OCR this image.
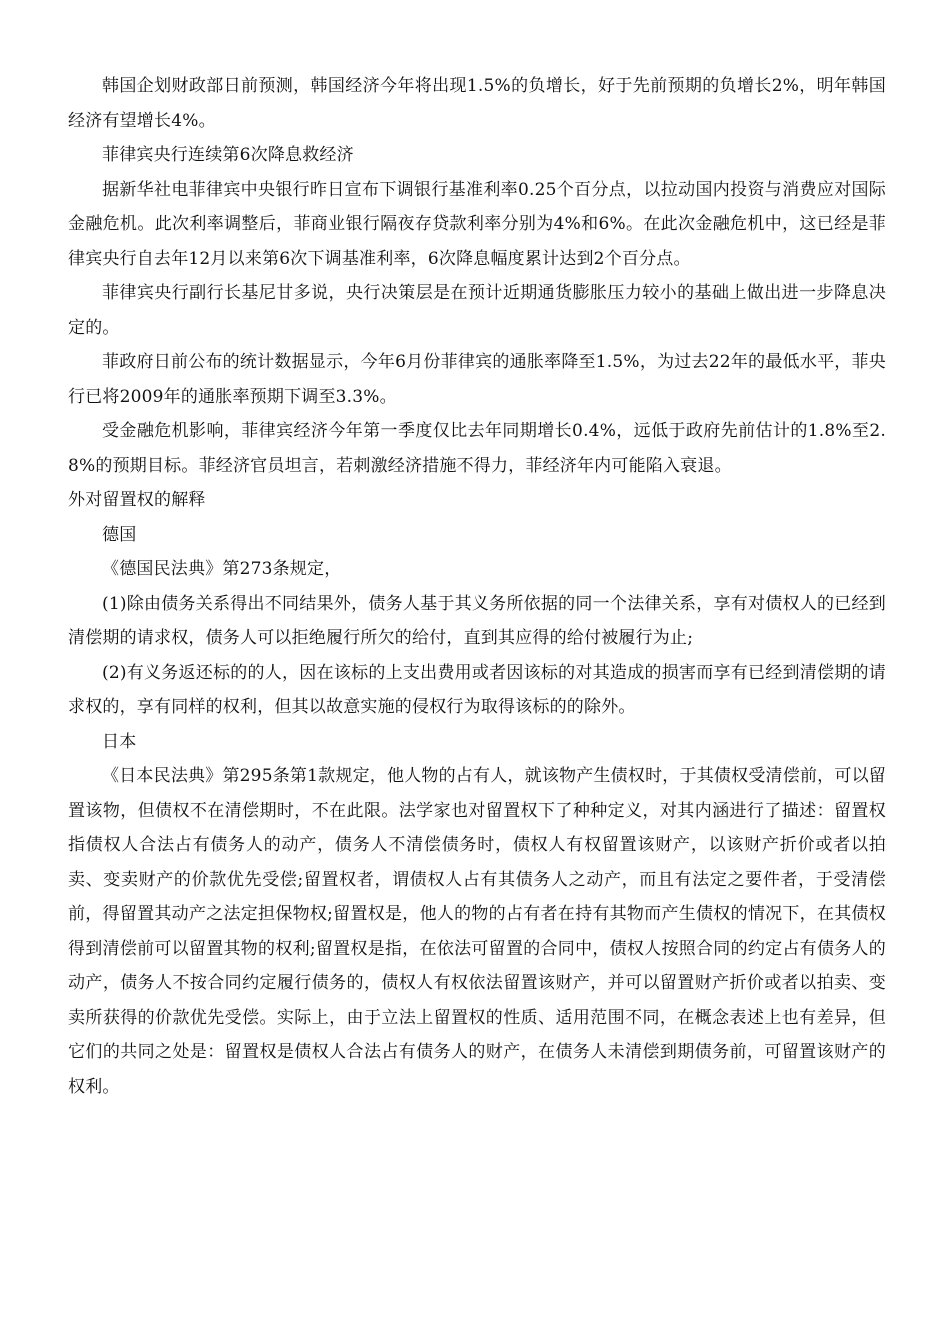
韩国企划财政部日前预测，韩国经济今年将出现1.5%的负增长，好于先前预期的负增长2%，明年韩国经济有望增长4%。

菲律宾央行连续第6次降息救经济

据新华社电菲律宾中央银行昨日宣布下调银行基准利率0.25个百分点，以拉动国内投资与消费应对国际金融危机。此次利率调整后，菲商业银行隔夜存贷款利率分别为4%和6%。在此次金融危机中，这已经是菲律宾央行自去年12月以来第6次下调基准利率，6次降息幅度累计达到2个百分点。

菲律宾央行副行长基尼甘多说，央行决策层是在预计近期通货膨胀压力较小的基础上做出进一步降息决定的。

菲政府日前公布的统计数据显示，今年6月份菲律宾的通胀率降至1.5%，为过去22年的最低水平，菲央行已将2009年的通胀率预期下调至3.3%。

受金融危机影响，菲律宾经济今年第一季度仅比去年同期增长0.4%，远低于政府先前估计的1.8%至2.8%的预期目标。菲经济官员坦言，若刺激经济措施不得力，菲经济年内可能陷入衰退。

外对留置权的解释

德国

《德国民法典》第273条规定，

(1)除由债务关系得出不同结果外，债务人基于其义务所依据的同一个法律关系，享有对债权人的已经到清偿期的请求权，债务人可以拒绝履行所欠的给付，直到其应得的给付被履行为止;

(2)有义务返还标的的人，因在该标的上支出费用或者因该标的对其造成的损害而享有已经到清偿期的请求权的，享有同样的权利，但其以故意实施的侵权行为取得该标的的除外。

日本

《日本民法典》第295条第1款规定，他人物的占有人，就该物产生债权时，于其债权受清偿前，可以留置该物，但债权不在清偿期时，不在此限。法学家也对留置权下了种种定义，对其内涵进行了描述：留置权指债权人合法占有债务人的动产，债务人不清偿债务时，债权人有权留置该财产，以该财产折价或者以拍卖、变卖财产的价款优先受偿;留置权者，谓债权人占有其债务人之动产，而且有法定之要件者，于受清偿前，得留置其动产之法定担保物权;留置权是，他人的物的占有者在持有其物而产生债权的情况下，在其债权得到清偿前可以留置其物的权利;留置权是指，在依法可留置的合同中，债权人按照合同的约定占有债务人的动产，债务人不按合同约定履行债务的，债权人有权依法留置该财产，并可以留置财产折价或者以拍卖、变卖所获得的价款优先受偿。实际上，由于立法上留置权的性质、适用范围不同，在概念表述上也有差异，但它们的共同之处是：留置权是债权人合法占有债务人的财产，在债务人未清偿到期债务前，可留置该财产的权利。
